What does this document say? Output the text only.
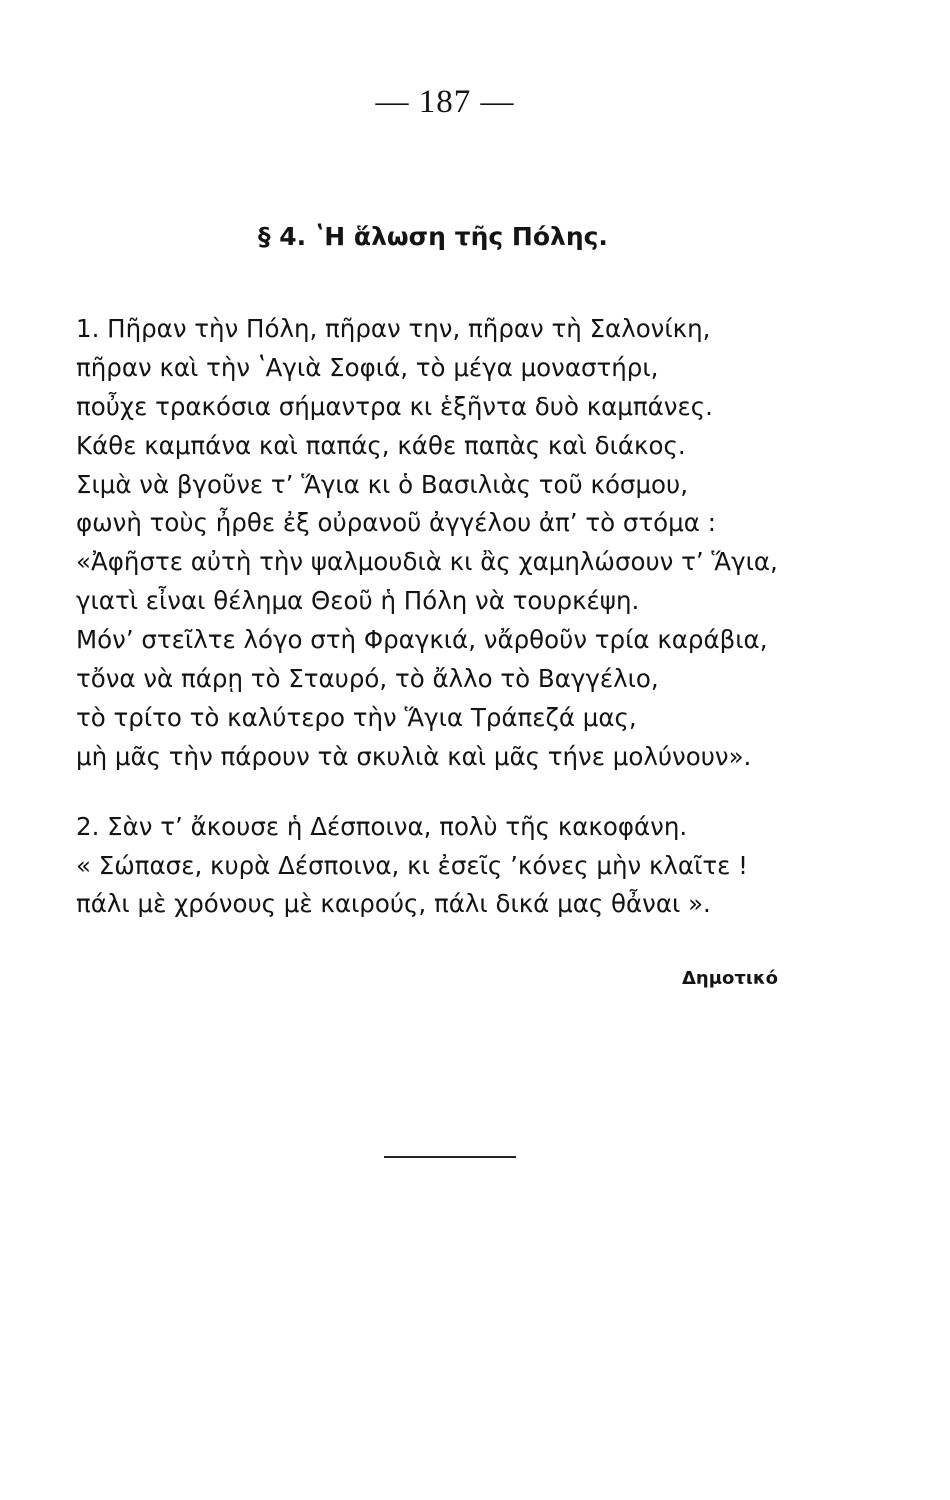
— 187 —
§ 4. ʽΗ ἅλωση τῆς Πόλης.
1. Πῆραν τὴν Πόλη, πῆραν την, πῆραν τὴ Σαλονίκη,
πῆραν καὶ τὴν ʽΑγιὰ Σοφιά, τὸ μέγα μοναστήρι,
ποὖχε τρακόσια σήμαντρα κι ἑξῆντα δυὸ καμπάνες.
Κάθε καμπάνα καὶ παπάς, κάθε παπὰς καὶ διάκος.
Σιμὰ νὰ βγοῦνε τ’ Ἅγια κι ὁ Βασιλιὰς τοῦ κόσμου,
φωνὴ τοὺς ἦρθε ἐξ οὐρανοῦ ἀγγέλου ἀπ’ τὸ στόμα :
«Ἀφῆστε αὐτὴ τὴν ψαλμουδιὰ κι ἂς χαμηλώσουν τ’ Ἅγια,
γιατὶ εἶναι θέλημα Θεοῦ ἡ Πόλη νὰ τουρκέψη.
Μόν’ στεῖλτε λόγο στὴ Φραγκιά, νἄρθοῦν τρία καράβια,
τὄνα νὰ πάρῃ τὸ Σταυρό, τὸ ἄλλο τὸ Βαγγέλιο,
τὸ τρίτο τὸ καλύτερο τὴν Ἅγια Τράπεζά μας,
μὴ μᾶς τὴν πάρουν τὰ σκυλιὰ καὶ μᾶς τήνε μολύνουν».
2. Σὰν τ’ ἄκουσε ἡ Δέσποινα, πολὺ τῆς κακοφάνη.
« Σώπασε, κυρὰ Δέσποινα, κι ἐσεῖς ’κόνες μὴν κλαῖτε !
πάλι μὲ χρόνους μὲ καιρούς, πάλι δικά μας θἆναι ».
Δημοτικό
